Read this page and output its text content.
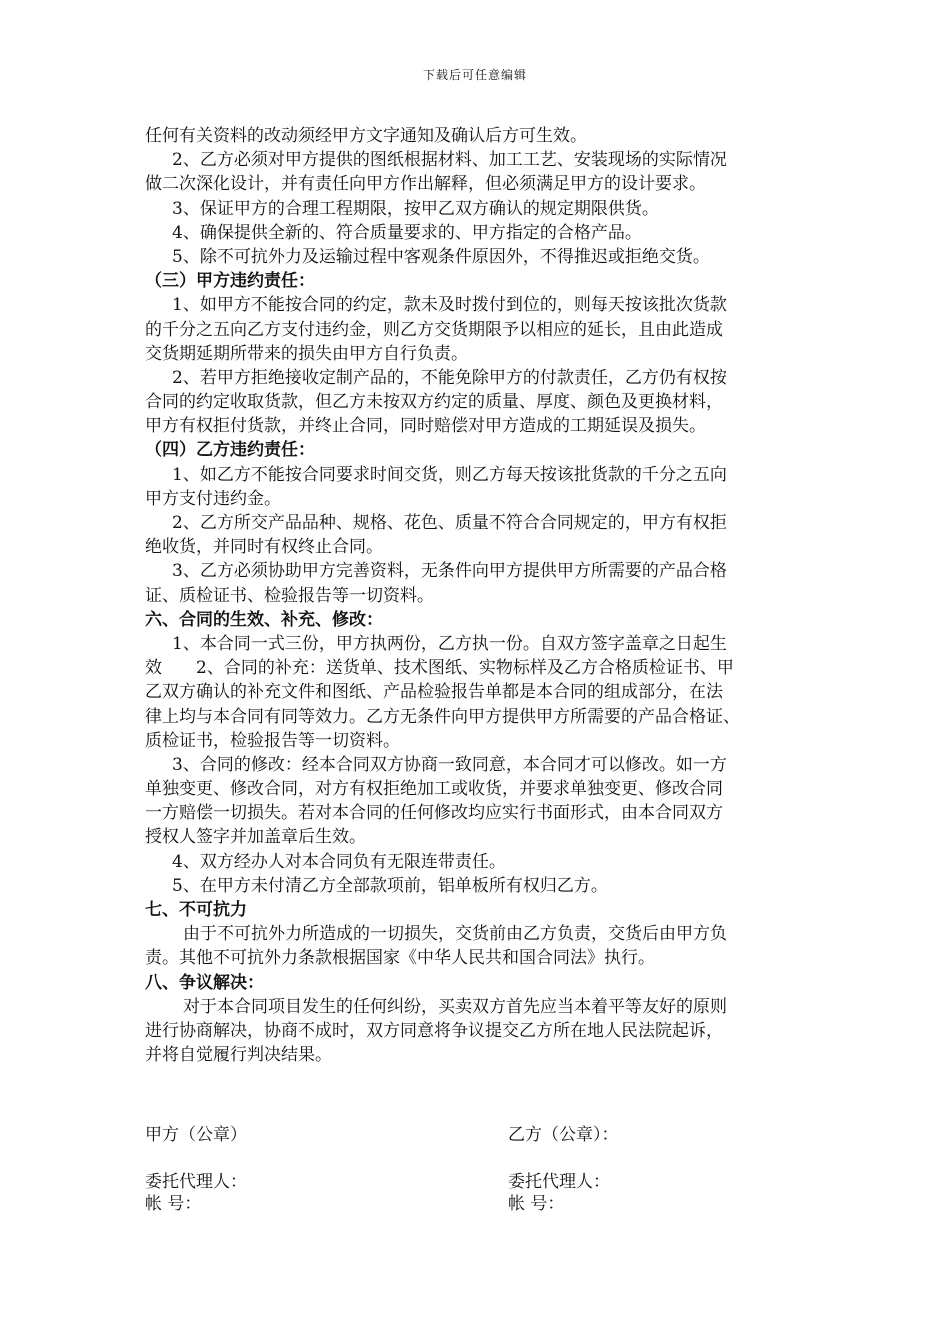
下载后可任意编辑
任何有关资料的改动须经甲方文字通知及确认后方可生效。
2、乙方必须对甲方提供的图纸根据材料、加工工艺、安装现场的实际情况
做二次深化设计，并有责任向甲方作出解释，但必须满足甲方的设计要求。
3、保证甲方的合理工程期限，按甲乙双方确认的规定期限供货。
4、确保提供全新的、符合质量要求的、甲方指定的合格产品。
5、除不可抗外力及运输过程中客观条件原因外，不得推迟或拒绝交货。
（三）甲方违约责任：
1、如甲方不能按合同的约定，款未及时拨付到位的，则每天按该批次货款
的千分之五向乙方支付违约金，则乙方交货期限予以相应的延长，且由此造成
交货期延期所带来的损失由甲方自行负责。
2、若甲方拒绝接收定制产品的，不能免除甲方的付款责任，乙方仍有权按
合同的约定收取货款，但乙方未按双方约定的质量、厚度、颜色及更换材料，
甲方有权拒付货款，并终止合同，同时赔偿对甲方造成的工期延误及损失。
（四）乙方违约责任：
1、如乙方不能按合同要求时间交货，则乙方每天按该批货款的千分之五向
甲方支付违约金。
2、乙方所交产品品种、规格、花色、质量不符合合同规定的，甲方有权拒
绝收货，并同时有权终止合同。
3、乙方必须协助甲方完善资料，无条件向甲方提供甲方所需要的产品合格
证、质检证书、检验报告等一切资料。
六、合同的生效、补充、修改：
1、本合同一式三份，甲方执两份，乙方执一份。自双方签字盖章之日起生
效　　2、合同的补充：送货单、技术图纸、实物标样及乙方合格质检证书、甲
乙双方确认的补充文件和图纸、产品检验报告单都是本合同的组成部分，在法
律上均与本合同有同等效力。乙方无条件向甲方提供甲方所需要的产品合格证、
质检证书，检验报告等一切资料。
3、合同的修改：经本合同双方协商一致同意，本合同才可以修改。如一方
单独变更、修改合同，对方有权拒绝加工或收货，并要求单独变更、修改合同
一方赔偿一切损失。若对本合同的任何修改均应实行书面形式，由本合同双方
授权人签字并加盖章后生效。
4、双方经办人对本合同负有无限连带责任。
5、在甲方未付清乙方全部款项前，铝单板所有权归乙方。
七、不可抗力
由于不可抗外力所造成的一切损失，交货前由乙方负责，交货后由甲方负
责。其他不可抗外力条款根据国家《中华人民共和国合同法》执行。
八、争议解决：
对于本合同项目发生的任何纠纷，买卖双方首先应当本着平等友好的原则
进行协商解决，协商不成时，双方同意将争议提交乙方所在地人民法院起诉，
并将自觉履行判决结果。
甲方（公章）	乙方（公章）：
委托代理人：	委托代理人：
帐 号：	帐 号：
